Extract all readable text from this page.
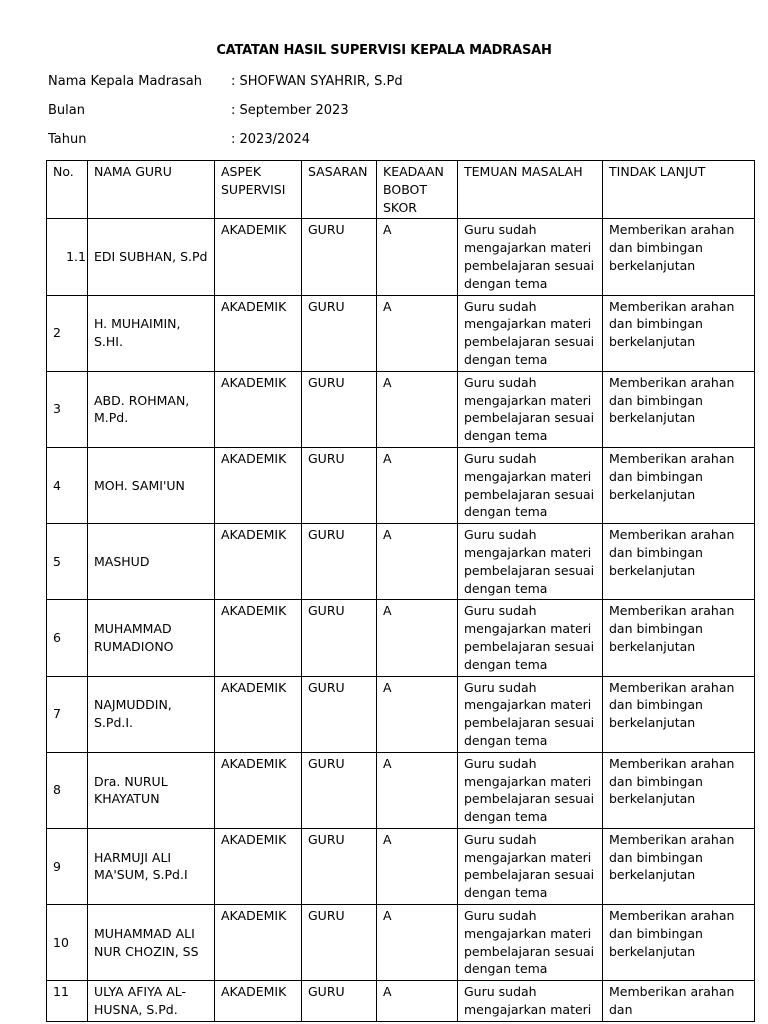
CATATAN HASIL SUPERVISI KEPALA MADRASAH
Nama Kepala Madrasah : SHOFWAN SYAHRIR, S.Pd
Bulan	: September 2023
Tahun	: 2023/2024
No.	NAMA GURU	ASPEK SUPERVISI	SASARAN	KEADAAN BOBOT SKOR	TEMUAN MASALAH	TINDAK LANJUT
1.1	EDI SUBHAN, S.Pd	AKADEMIK	GURU	A	Guru sudah mengajarkan materi pembelajaran sesuai dengan tema	Memberikan arahan dan bimbingan berkelanjutan
2	H. MUHAIMIN, S.HI.	AKADEMIK	GURU	A	Guru sudah mengajarkan materi pembelajaran sesuai dengan tema	Memberikan arahan dan bimbingan berkelanjutan
3	ABD. ROHMAN, M.Pd.	AKADEMIK	GURU	A	Guru sudah mengajarkan materi pembelajaran sesuai dengan tema	Memberikan arahan dan bimbingan berkelanjutan
4	MOH. SAMI'UN	AKADEMIK	GURU	A	Guru sudah mengajarkan materi pembelajaran sesuai dengan tema	Memberikan arahan dan bimbingan berkelanjutan
5	MASHUD	AKADEMIK	GURU	A	Guru sudah mengajarkan materi pembelajaran sesuai dengan tema	Memberikan arahan dan bimbingan berkelanjutan
6	MUHAMMAD RUMADIONO	AKADEMIK	GURU	A	Guru sudah mengajarkan materi pembelajaran sesuai dengan tema	Memberikan arahan dan bimbingan berkelanjutan
7	NAJMUDDIN, S.Pd.I.	AKADEMIK	GURU	A	Guru sudah mengajarkan materi pembelajaran sesuai dengan tema	Memberikan arahan dan bimbingan berkelanjutan
8	Dra. NURUL KHAYATUN	AKADEMIK	GURU	A	Guru sudah mengajarkan materi pembelajaran sesuai dengan tema	Memberikan arahan dan bimbingan berkelanjutan
9	HARMUJI ALI MA'SUM, S.Pd.I	AKADEMIK	GURU	A	Guru sudah mengajarkan materi pembelajaran sesuai dengan tema	Memberikan arahan dan bimbingan berkelanjutan
10	MUHAMMAD ALI NUR CHOZIN, SS	AKADEMIK	GURU	A	Guru sudah mengajarkan materi pembelajaran sesuai dengan tema	Memberikan arahan dan bimbingan berkelanjutan
11	ULYA AFIYA AL-HUSNA, S.Pd.	AKADEMIK	GURU	A	Guru sudah mengajarkan materi	Memberikan arahan dan
